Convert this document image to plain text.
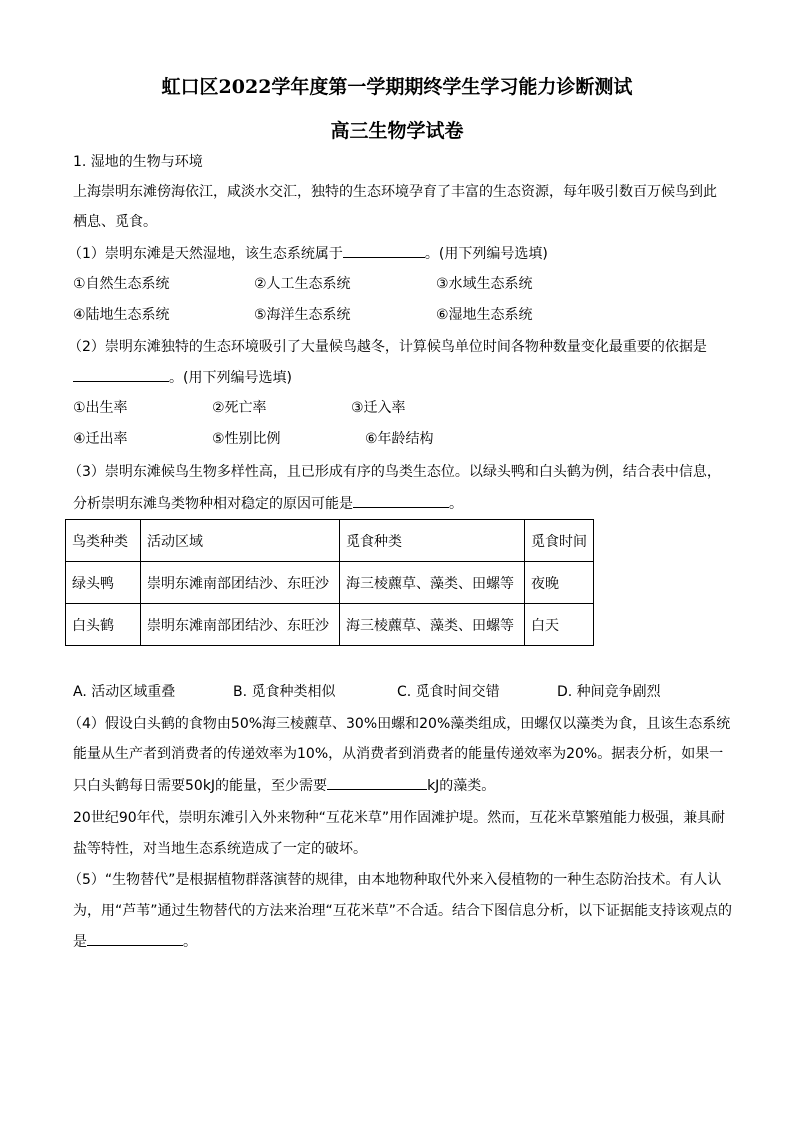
虹口区2022学年度第一学期期终学生学习能力诊断测试
高三生物学试卷
1. 湿地的生物与环境
上海崇明东滩傍海依江，咸淡水交汇，独特的生态环境孕育了丰富的生态资源，每年吸引数百万候鸟到此
栖息、觅食。
（1）崇明东滩是天然湿地，该生态系统属于	。(用下列编号选填)
①自然生态系统	②人工生态系统	③水域生态系统
④陆地生态系统	⑤海洋生态系统	⑥湿地生态系统
（2）崇明东滩独特的生态环境吸引了大量候鸟越冬，计算候鸟单位时间各物种数量变化最重要的依据是
。(用下列编号选填)
①出生率	②死亡率	③迁入率
④迁出率	⑤性别比例	⑥年龄结构
（3）崇明东滩候鸟生物多样性高，且已形成有序的鸟类生态位。以绿头鸭和白头鹤为例，结合表中信息，
分析崇明东滩鸟类物种相对稳定的原因可能是	。
鸟类种类	活动区域	觅食种类	觅食时间
绿头鸭	崇明东滩南部团结沙、东旺沙	海三棱藨草、藻类、田螺等	夜晚
白头鹤	崇明东滩南部团结沙、东旺沙	海三棱藨草、藻类、田螺等	白天
A. 活动区域重叠	B. 觅食种类相似	C. 觅食时间交错	D. 种间竞争剧烈
（4）假设白头鹤的食物由50%海三棱藨草、30%田螺和20%藻类组成，田螺仅以藻类为食，且该生态系统
能量从生产者到消费者的传递效率为10%，从消费者到消费者的能量传递效率为20%。据表分析，如果一
只白头鹤每日需要50kJ的能量，至少需要	kJ的藻类。
20世纪90年代，崇明东滩引入外来物种“互花米草”用作固滩护堤。然而，互花米草繁殖能力极强，兼具耐
盐等特性，对当地生态系统造成了一定的破坏。
（5）“生物替代”是根据植物群落演替的规律，由本地物种取代外来入侵植物的一种生态防治技术。有人认
为，用“芦苇”通过生物替代的方法来治理“互花米草”不合适。结合下图信息分析，以下证据能支持该观点的
是	。
